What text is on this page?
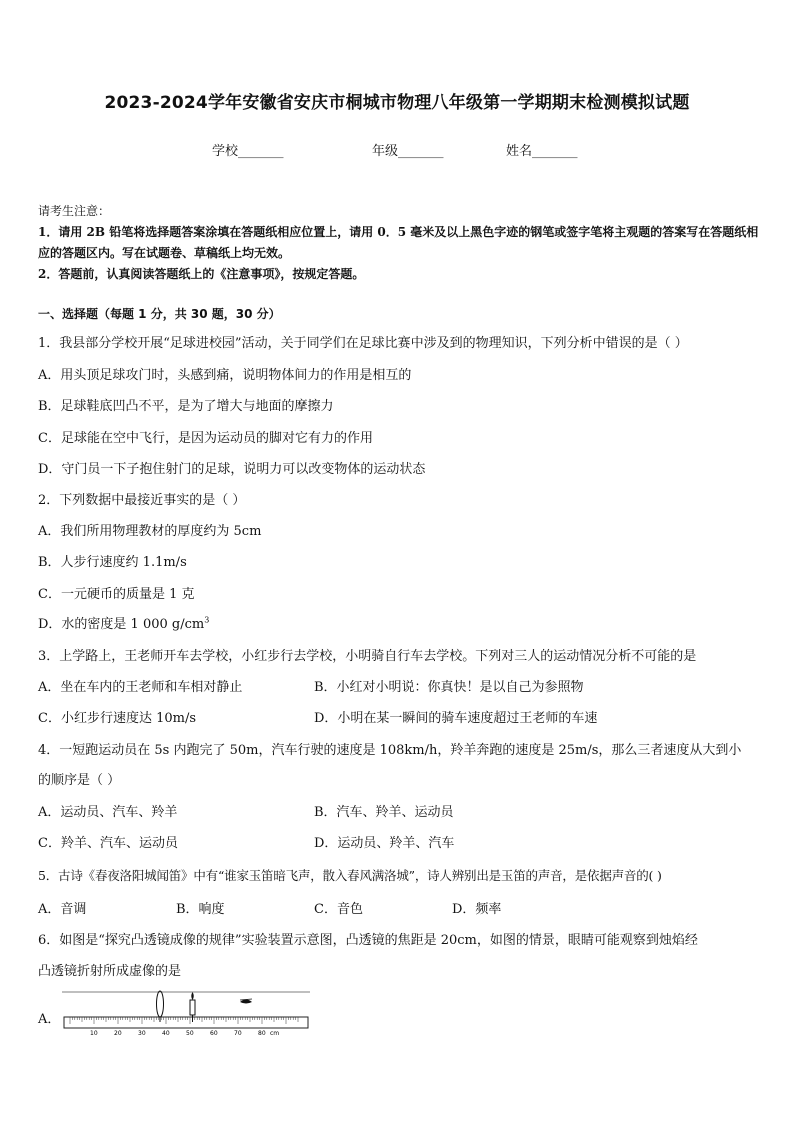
2023-2024学年安徽省安庆市桐城市物理八年级第一学期期末检测模拟试题
学校_______	年级_______	姓名_______
请考生注意：
1．请用 2B 铅笔将选择题答案涂填在答题纸相应位置上，请用 0．5 毫米及以上黑色字迹的钢笔或签字笔将主观题的答案写在答题纸相应的答题区内。写在试题卷、草稿纸上均无效。
2．答题前，认真阅读答题纸上的《注意事项》，按规定答题。
一、选择题（每题 1 分，共 30 题，30 分）
1．我县部分学校开展“足球进校园”活动，关于同学们在足球比赛中涉及到的物理知识，下列分析中错误的是（ ）
A．用头顶足球攻门时，头感到痛，说明物体间力的作用是相互的
B．足球鞋底凹凸不平，是为了增大与地面的摩擦力
C．足球能在空中飞行，是因为运动员的脚对它有力的作用
D．守门员一下子抱住射门的足球，说明力可以改变物体的运动状态
2．下列数据中最接近事实的是（ ）
A．我们所用物理教材的厚度约为 5cm
B．人步行速度约 1.1m/s
C．一元硬币的质量是 1 克
D．水的密度是 1 000 $g/cm^3$
3．上学路上，王老师开车去学校，小红步行去学校，小明骑自行车去学校。下列对三人的运动情况分析不可能的是
A．坐在车内的王老师和车相对静止	B．小红对小明说：你真快！是以自己为参照物
C．小红步行速度达 10m/s	D．小明在某一瞬间的骑车速度超过王老师的车速
4．一短跑运动员在 5s 内跑完了 50m，汽车行驶的速度是 108km/h，羚羊奔跑的速度是 25m/s，那么三者速度从大到小
的顺序是（ ）
A．运动员、汽车、羚羊	B．汽车、羚羊、运动员
C．羚羊、汽车、运动员	D．运动员、羚羊、汽车
5．古诗《春夜洛阳城闻笛》中有“谁家玉笛暗飞声，散入春风满洛城”，诗人辨别出是玉笛的声音，是依据声音的( )
A．音调	B．响度	C．音色	D．频率
6．如图是“探究凸透镜成像的规律”实验装置示意图，凸透镜的焦距是 20cm，如图的情景，眼睛可能观察到烛焰经
凸透镜折射所成虚像的是
A．
10	20	30	40	50	60	70	80 cm
